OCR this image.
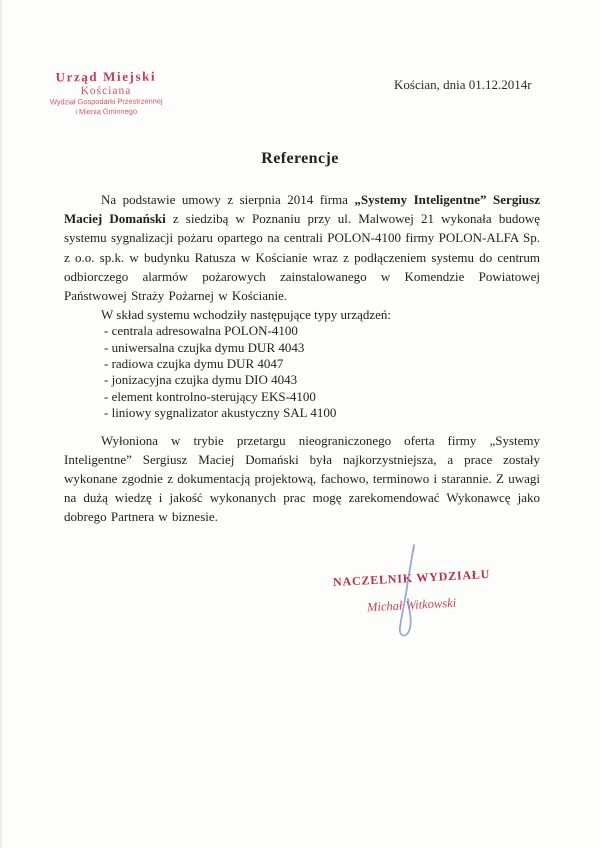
Urząd Miejski
Kościana
Wydział Gospodarki Przestrzennej
i Mienia Gminnego
Kościan, dnia 01.12.2014r
Referencje

Na podstawie umowy z sierpnia 2014 firma „Systemy Inteligentne” Sergiusz Maciej Domański z siedzibą w Poznaniu przy ul. Malwowej 21 wykonała budowę systemu sygnalizacji pożaru opartego na centrali POLON-4100 firmy POLON-ALFA Sp. z o.o. sp.k. w budynku Ratusza w Kościanie wraz z podłączeniem systemu do centrum odbiorczego alarmów pożarowych zainstalowanego w Komendzie Powiatowej Państwowej Straży Pożarnej w Kościanie.

W skład systemu wchodziły następujące typy urządzeń:
- centrala adresowalna POLON-4100
- uniwersalna czujka dymu DUR 4043
- radiowa czujka dymu DUR 4047
- jonizacyjna czujka dymu DIO 4043
- element kontrolno-sterujący EKS-4100
- liniowy sygnalizator akustyczny SAL 4100

Wyłoniona w trybie przetargu nieograniczonego oferta firmy „Systemy Inteligentne” Sergiusz Maciej Domański była najkorzystniejsza, a prace zostały wykonane zgodnie z dokumentacją projektową, fachowo, terminowo i starannie. Z uwagi na dużą wiedzę i jakość wykonanych prac mogę zarekomendować Wykonawcę jako dobrego Partnera w biznesie.

NACZELNIK WYDZIAŁU
Michał Witkowski
